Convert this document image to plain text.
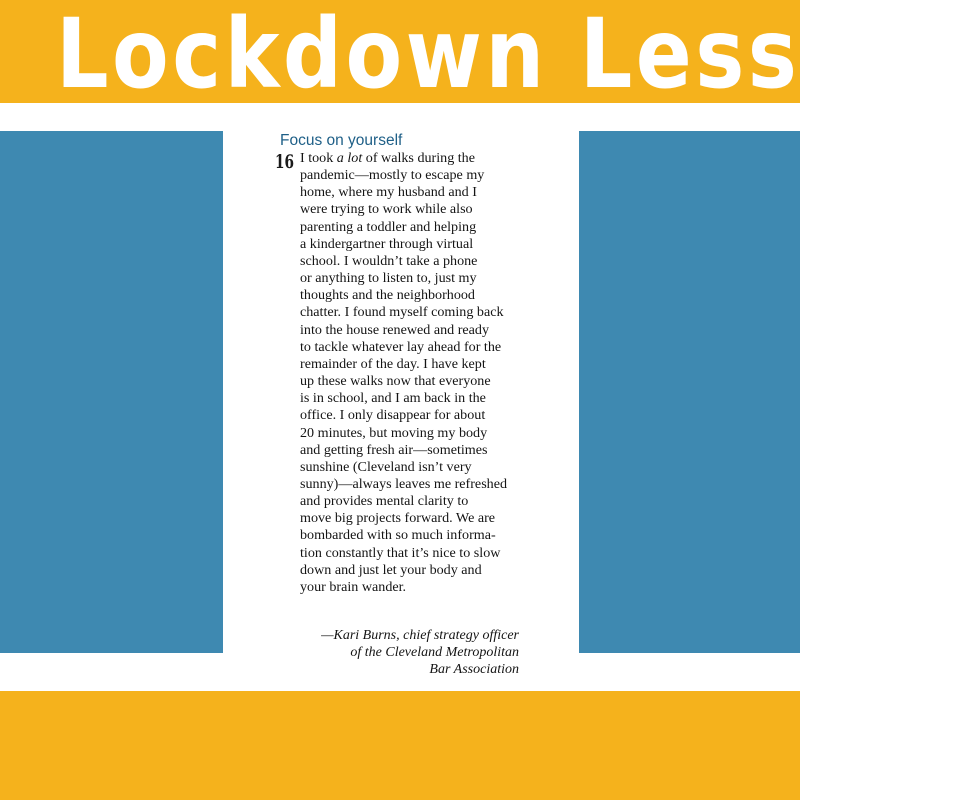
Lockdown Lessons
Focus on yourself
16 I took a lot of walks during the
pandemic—mostly to escape my
home, where my husband and I
were trying to work while also
parenting a toddler and helping
a kindergartner through virtual
school. I wouldn’t take a phone
or anything to listen to, just my
thoughts and the neighborhood
chatter. I found myself coming back
into the house renewed and ready
to tackle whatever lay ahead for the
remainder of the day. I have kept
up these walks now that everyone
is in school, and I am back in the
office. I only disappear for about
20 minutes, but moving my body
and getting fresh air—sometimes
sunshine (Cleveland isn’t very
sunny)—always leaves me refreshed
and provides mental clarity to
move big projects forward. We are
bombarded with so much informa-
tion constantly that it’s nice to slow
down and just let your body and
your brain wander.

—Kari Burns, chief strategy officer
of the Cleveland Metropolitan
Bar Association
